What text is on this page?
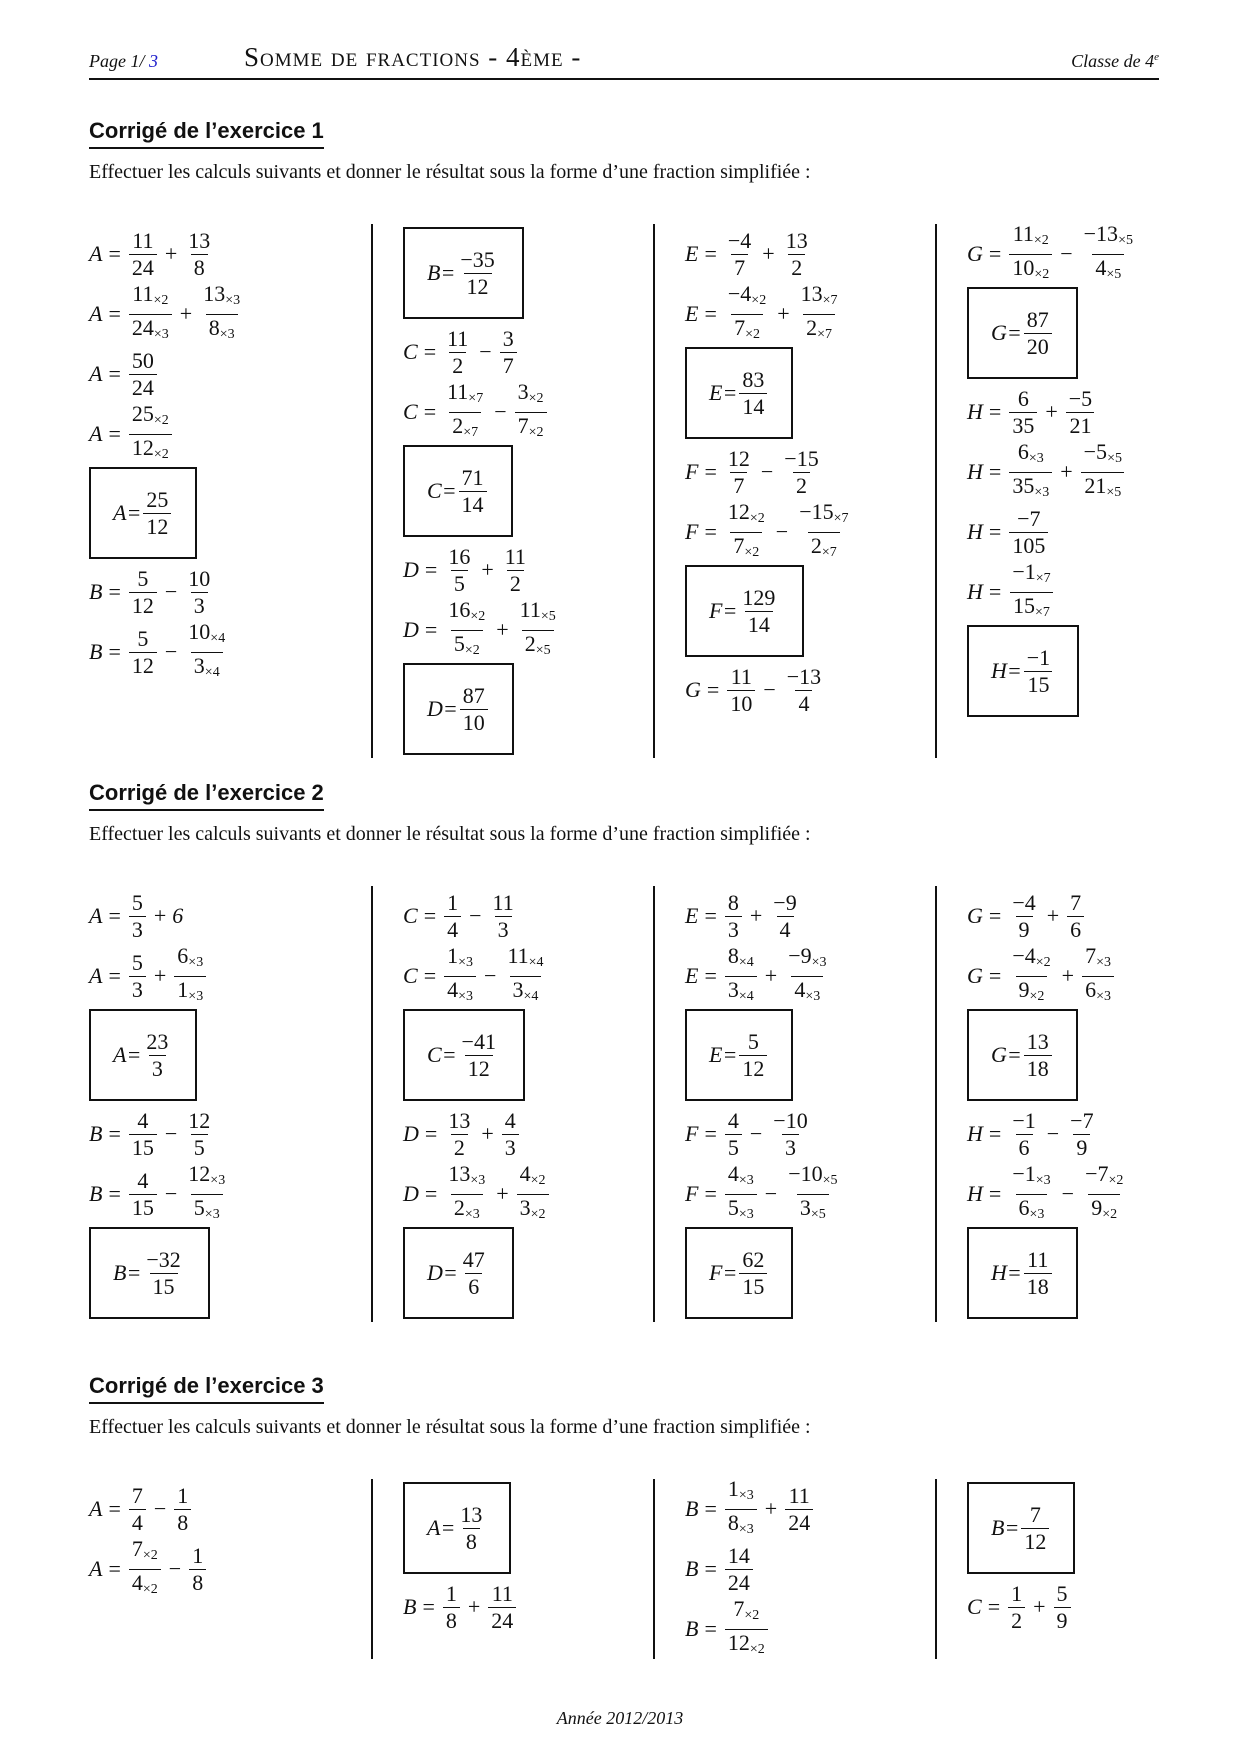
Page 1/ 3	Somme de fractions - 4ème -	Classe de 4e
Corrigé de l’exercice 1
Effectuer les calculs suivants et donner le résultat sous la forme d’une fraction simplifiée :
$A = \frac{11}{24} + \frac{13}{8}$
$A = \frac{11_{\times 2}}{24_{\times 3}} + \frac{13_{\times 3}}{8_{\times 3}}$
$A = \frac{50}{24}$
$A = \frac{25_{\times 2}}{12_{\times 2}}$
$A = \frac{25}{12}$
$B = \frac{5}{12} - \frac{10}{3}$
$B = \frac{5}{12} - \frac{10_{\times 4}}{3_{\times 4}}$
$B = \frac{-35}{12}$
$C = \frac{11}{2} - \frac{3}{7}$
$C = \frac{11_{\times 7}}{2_{\times 7}} - \frac{3_{\times 2}}{7_{\times 2}}$
$C = \frac{71}{14}$
$D = \frac{16}{5} + \frac{11}{2}$
$D = \frac{16_{\times 2}}{5_{\times 2}} + \frac{11_{\times 5}}{2_{\times 5}}$
$D = \frac{87}{10}$
$E = \frac{-4}{7} + \frac{13}{2}$
$E = \frac{-4_{\times 2}}{7_{\times 2}} + \frac{13_{\times 7}}{2_{\times 7}}$
$E = \frac{83}{14}$
$F = \frac{12}{7} - \frac{-15}{2}$
$F = \frac{12_{\times 2}}{7_{\times 2}} - \frac{-15_{\times 7}}{2_{\times 7}}$
$F = \frac{129}{14}$
$G = \frac{11}{10} - \frac{-13}{4}$
$G = \frac{11_{\times 2}}{10_{\times 2}} - \frac{-13_{\times 5}}{4_{\times 5}}$
$G = \frac{87}{20}$
$H = \frac{6}{35} + \frac{-5}{21}$
$H = \frac{6_{\times 3}}{35_{\times 3}} + \frac{-5_{\times 5}}{21_{\times 5}}$
$H = \frac{-7}{105}$
$H = \frac{-1_{\times 7}}{15_{\times 7}}$
$H = \frac{-1}{15}$
Corrigé de l’exercice 2
Effectuer les calculs suivants et donner le résultat sous la forme d’une fraction simplifiée :
$A = \frac{5}{3} + 6$
$A = \frac{5}{3} + \frac{6_{\times 3}}{1_{\times 3}}$
$A = \frac{23}{3}$
$B = \frac{4}{15} - \frac{12}{5}$
$B = \frac{4}{15} - \frac{12_{\times 3}}{5_{\times 3}}$
$B = \frac{-32}{15}$
$C = \frac{1}{4} - \frac{11}{3}$
$C = \frac{1_{\times 3}}{4_{\times 3}} - \frac{11_{\times 4}}{3_{\times 4}}$
$C = \frac{-41}{12}$
$D = \frac{13}{2} + \frac{4}{3}$
$D = \frac{13_{\times 3}}{2_{\times 3}} + \frac{4_{\times 2}}{3_{\times 2}}$
$D = \frac{47}{6}$
$E = \frac{8}{3} + \frac{-9}{4}$
$E = \frac{8_{\times 4}}{3_{\times 4}} + \frac{-9_{\times 3}}{4_{\times 3}}$
$E = \frac{5}{12}$
$F = \frac{4}{5} - \frac{-10}{3}$
$F = \frac{4_{\times 3}}{5_{\times 3}} - \frac{-10_{\times 5}}{3_{\times 5}}$
$F = \frac{62}{15}$
$G = \frac{-4}{9} + \frac{7}{6}$
$G = \frac{-4_{\times 2}}{9_{\times 2}} + \frac{7_{\times 3}}{6_{\times 3}}$
$G = \frac{13}{18}$
$H = \frac{-1}{6} - \frac{-7}{9}$
$H = \frac{-1_{\times 3}}{6_{\times 3}} - \frac{-7_{\times 2}}{9_{\times 2}}$
$H = \frac{11}{18}$
Corrigé de l’exercice 3
Effectuer les calculs suivants et donner le résultat sous la forme d’une fraction simplifiée :
$A = \frac{7}{4} - \frac{1}{8}$
$A = \frac{7_{\times 2}}{4_{\times 2}} - \frac{1}{8}$
$A = \frac{13}{8}$
$B = \frac{1}{8} + \frac{11}{24}$
$B = \frac{1_{\times 3}}{8_{\times 3}} + \frac{11}{24}$
$B = \frac{14}{24}$
$B = \frac{7_{\times 2}}{12_{\times 2}}$
$B = \frac{7}{12}$
$C = \frac{1}{2} + \frac{5}{9}$
Année 2012/2013
